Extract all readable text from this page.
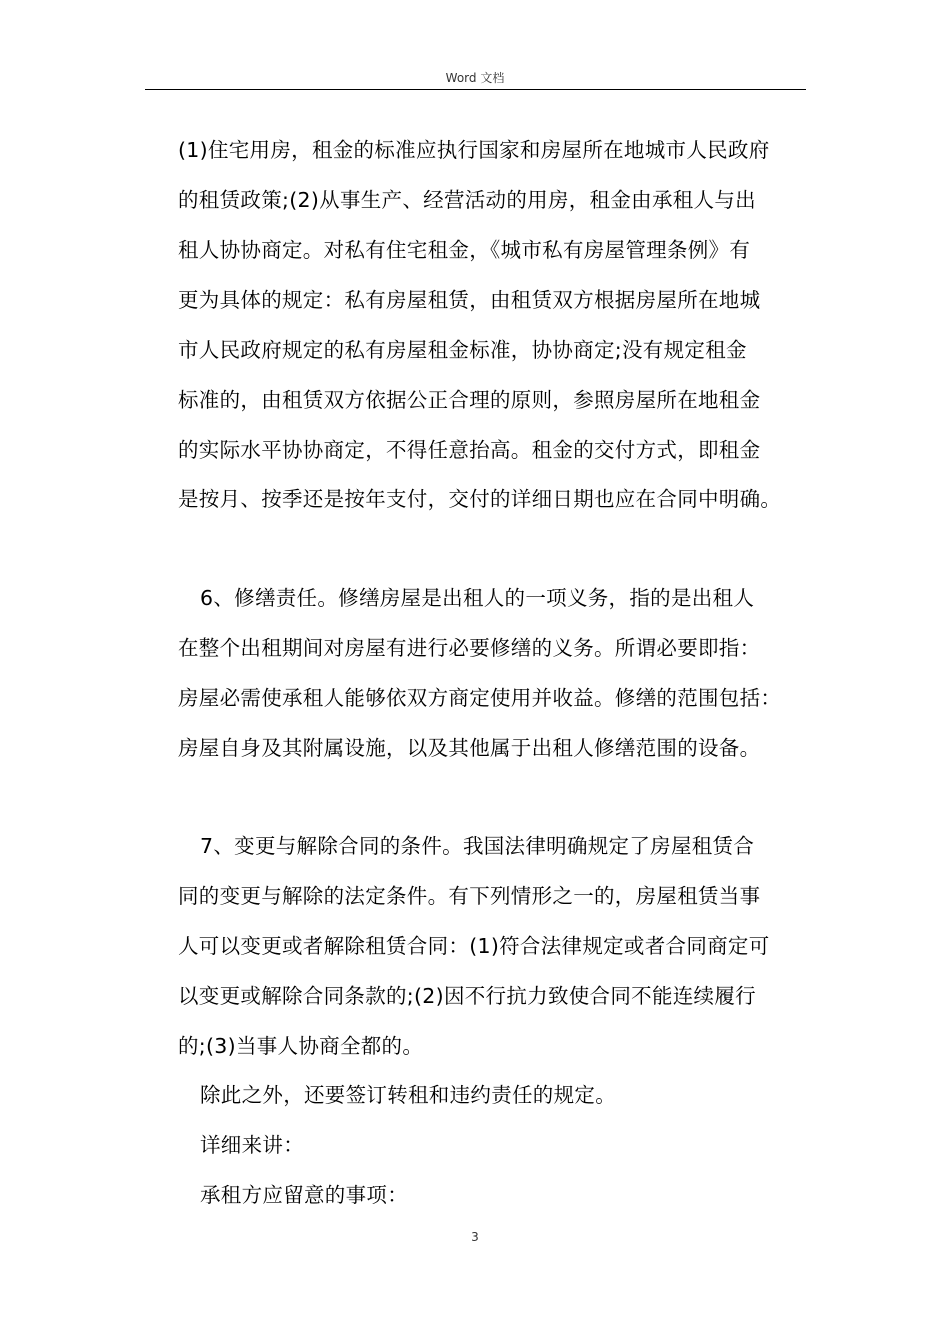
Word 文档
(1)住宅用房，租金的标准应执行国家和房屋所在地城市人民政府
的租赁政策;(2)从事生产、经营活动的用房，租金由承租人与出
租人协协商定。对私有住宅租金，《城市私有房屋管理条例》有
更为具体的规定：私有房屋租赁，由租赁双方根据房屋所在地城
市人民政府规定的私有房屋租金标准，协协商定;没有规定租金
标准的，由租赁双方依据公正合理的原则，参照房屋所在地租金
的实际水平协协商定，不得任意抬高。租金的交付方式，即租金
是按月、按季还是按年支付，交付的详细日期也应在合同中明确。
6、修缮责任。修缮房屋是出租人的一项义务，指的是出租人
在整个出租期间对房屋有进行必要修缮的义务。所谓必要即指：
房屋必需使承租人能够依双方商定使用并收益。修缮的范围包括：
房屋自身及其附属设施，以及其他属于出租人修缮范围的设备。
7、变更与解除合同的条件。我国法律明确规定了房屋租赁合
同的变更与解除的法定条件。有下列情形之一的，房屋租赁当事
人可以变更或者解除租赁合同：(1)符合法律规定或者合同商定可
以变更或解除合同条款的;(2)因不行抗力致使合同不能连续履行
的;(3)当事人协商全都的。
除此之外，还要签订转租和违约责任的规定。
详细来讲：
承租方应留意的事项：
3
